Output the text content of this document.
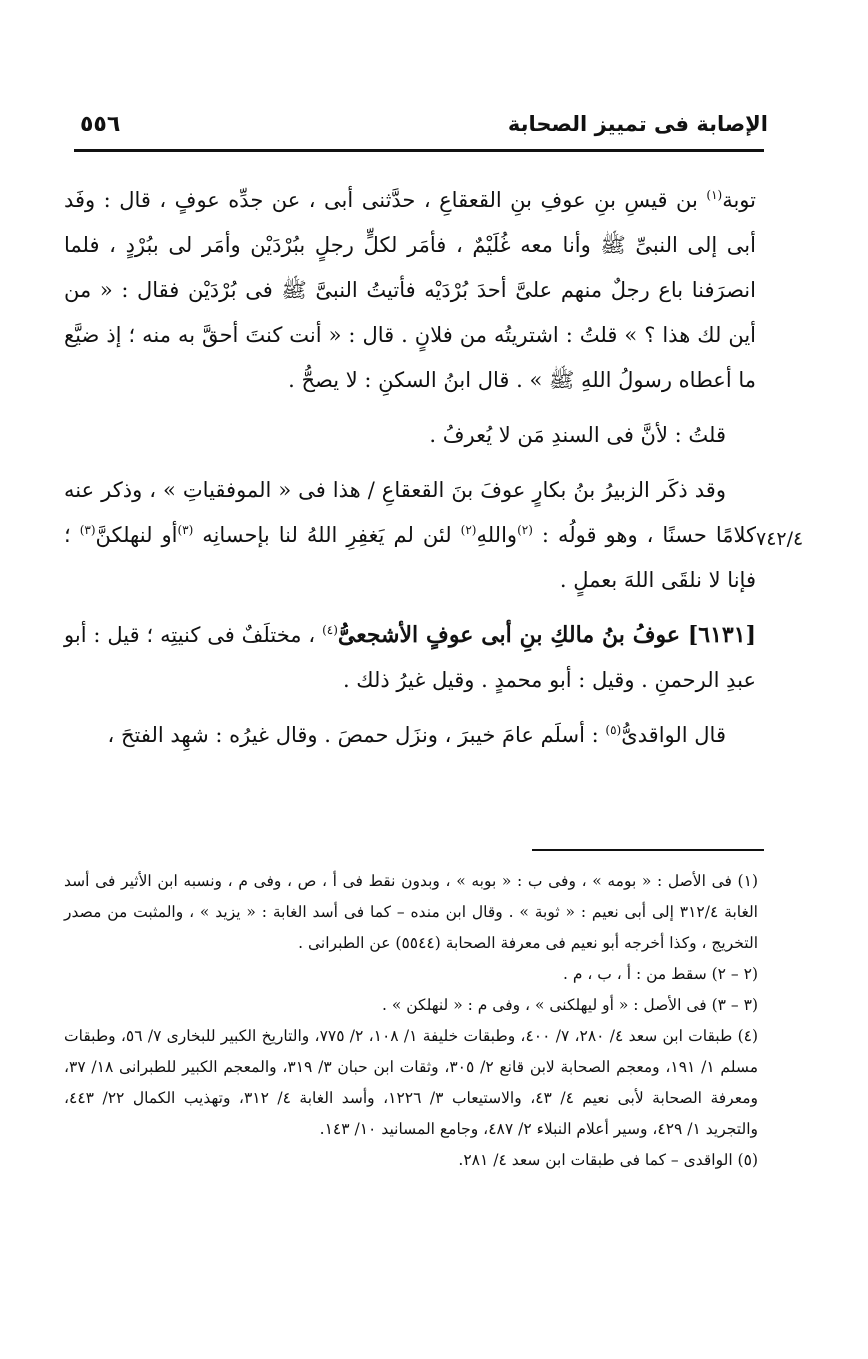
الإصابة فى تمييز الصحابة
٥٥٦

توبة$^{(١)}$ بن قيسِ بنِ عوفِ بنِ القعقاعِ ، حدَّثنى أبى ، عن جدِّه عوفٍ ، قال : وفَد أبى إلى النبىِّ ﷺ وأنا معه غُلَيْمٌ ، فأمَر لكلٍّ رجلٍ ببُرْدَيْن وأمَر لى ببُرْدٍ ، فلما انصرَفنا باع رجلٌ منهم علىَّ أحدَ بُرْدَيْه فأتيتُ النبىَّ ﷺ فى بُرْدَيْن فقال : « من أين لك هذا ؟ » قلتُ : اشتريتُه من فلانٍ . قال : « أنت كنتَ أحقَّ به منه ؛ إذ ضيَّع ما أعطاه رسولُ اللهِ ﷺ » . قال ابنُ السكنِ : لا يصحُّ .

قلتُ : لأنَّ فى السندِ مَن لا يُعرفُ .

وقد ذكَر الزبيرُ بنُ بكارٍ عوفَ بنَ القعقاعِ / هذا فى « الموفقياتِ » ، وذكر عنه كلامًا حسنًا ، وهو قولُه : $^{(٢)}$واللهِ$^{(٢)}$ لئن لم يَغفِرِ اللهُ لنا بإحسانِه $^{(٣)}$أو لنهلكنَّ$^{(٣)}$ ؛ فإنا لا نلقَى اللهَ بعملٍ .

[٦١٣١] عوفُ بنُ مالكِ بنِ أبى عوفٍ الأشجعىُّ$^{(٤)}$ ، مختلَفٌ فى كنيتِه ؛ قيل : أبو عبدِ الرحمنِ . وقيل : أبو محمدٍ . وقيل غيرُ ذلك .

قال الواقدىُّ$^{(٥)}$ : أسلَم عامَ خيبرَ ، ونزَل حمصَ . وقال غيرُه : شهِد الفتحَ ،

٧٤٢/٤

(١) فى الأصل : « بومه » ، وفى ب : « بوبه » ، وبدون نقط فى أ ، ص ، وفى م ، ونسبه ابن الأثير فى أسد الغابة ٣١٢/٤ إلى أبى نعيم : « ثوبة » . وقال ابن منده – كما فى أسد الغابة : « يزيد » ، والمثبت من مصدر التخريج ، وكذا أخرجه أبو نعيم فى معرفة الصحابة (٥٥٤٤) عن الطبرانى .

(٢ – ٢) سقط من : أ ، ب ، م .

(٣ – ٣) فى الأصل : « أو ليهلكنى » ، وفى م : « لنهلكن » .

(٤) طبقات ابن سعد ٤/ ٢٨٠، ٧/ ٤٠٠، وطبقات خليفة ١/ ١٠٨، ٢/ ٧٧٥، والتاريخ الكبير للبخارى ٧/ ٥٦، وطبقات مسلم ١/ ١٩١، ومعجم الصحابة لابن قانع ٢/ ٣٠٥، وثقات ابن حبان ٣/ ٣١٩، والمعجم الكبير للطبرانى ١٨/ ٣٧، ومعرفة الصحابة لأبى نعيم ٤/ ٤٣، والاستيعاب ٣/ ١٢٢٦، وأسد الغابة ٤/ ٣١٢، وتهذيب الكمال ٢٢/ ٤٤٣، والتجريد ١/ ٤٢٩، وسير أعلام النبلاء ٢/ ٤٨٧، وجامع المسانيد ١٠/ ١٤٣.

(٥) الواقدى – كما فى طبقات ابن سعد ٤/ ٢٨١.
